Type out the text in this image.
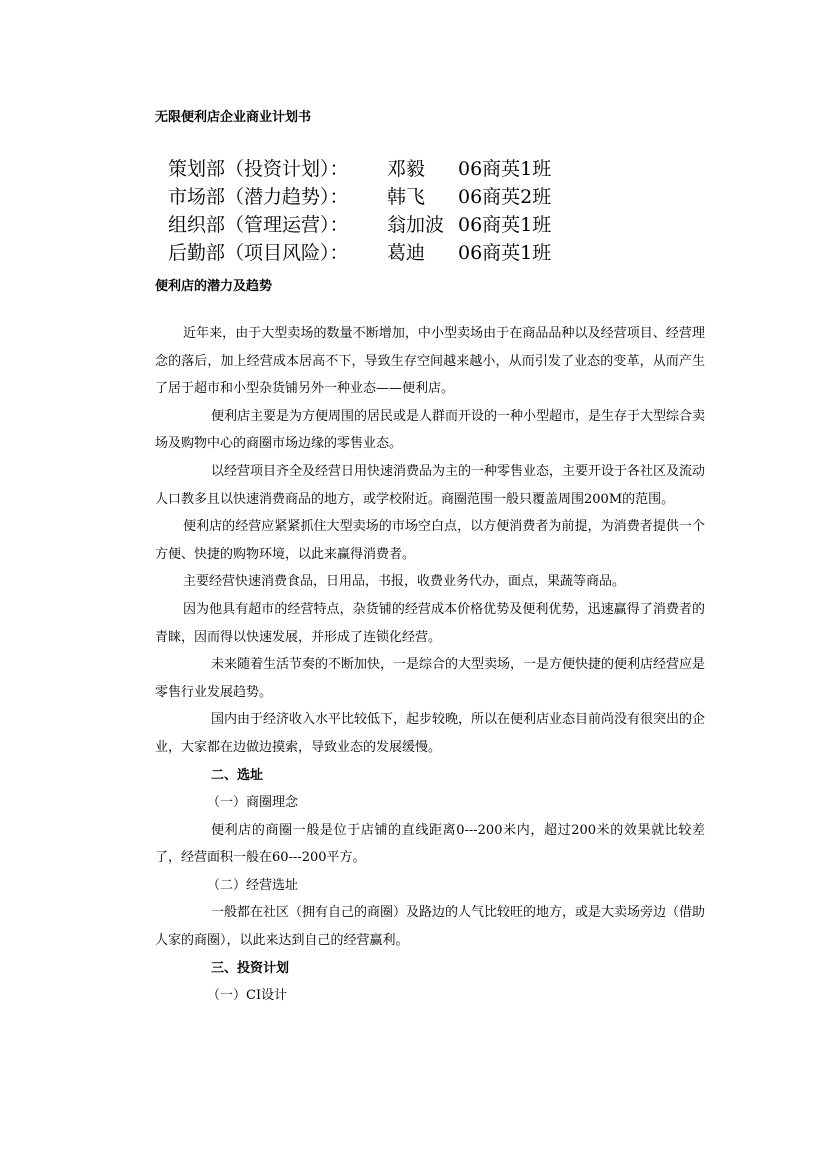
无限便利店企业商业计划书
策划部（投资计划）： 邓毅 06商英1班
市场部（潜力趋势）： 韩飞 06商英2班
组织部（管理运营）： 翁加波 06商英1班
后勤部（项目风险）： 葛迪 06商英1班
便利店的潜力及趋势

近年来，由于大型卖场的数量不断增加，中小型卖场由于在商品品种以及经营项目、经营理念的落后，加上经营成本居高不下，导致生存空间越来越小，从而引发了业态的变革，从而产生了居于超市和小型杂货铺另外一种业态——便利店。

便利店主要是为方便周围的居民或是人群而开设的一种小型超市，是生存于大型综合卖场及购物中心的商圈市场边缘的零售业态。

以经营项目齐全及经营日用快速消费品为主的一种零售业态，主要开设于各社区及流动人口教多且以快速消费商品的地方，或学校附近。商圈范围一般只覆盖周围200M的范围。

便利店的经营应紧紧抓住大型卖场的市场空白点，以方便消费者为前提，为消费者提供一个方便、快捷的购物环境，以此来赢得消费者。

主要经营快速消费食品，日用品，书报，收费业务代办，面点，果蔬等商品。

因为他具有超市的经营特点，杂货铺的经营成本价格优势及便利优势，迅速赢得了消费者的青睐，因而得以快速发展，并形成了连锁化经营。

未来随着生活节奏的不断加快，一是综合的大型卖场，一是方便快捷的便利店经营应是零售行业发展趋势。

国内由于经济收入水平比较低下，起步较晚，所以在便利店业态目前尚没有很突出的企业，大家都在边做边摸索，导致业态的发展缓慢。

二、选址

（一）商圈理念

便利店的商圈一般是位于店铺的直线距离0---200米内，超过200米的效果就比较差了，经营面积一般在60---200平方。

（二）经营选址

一般都在社区（拥有自己的商圈）及路边的人气比较旺的地方，或是大卖场旁边（借助人家的商圈），以此来达到自己的经营赢利。

三、投资计划

（一）CI设计
